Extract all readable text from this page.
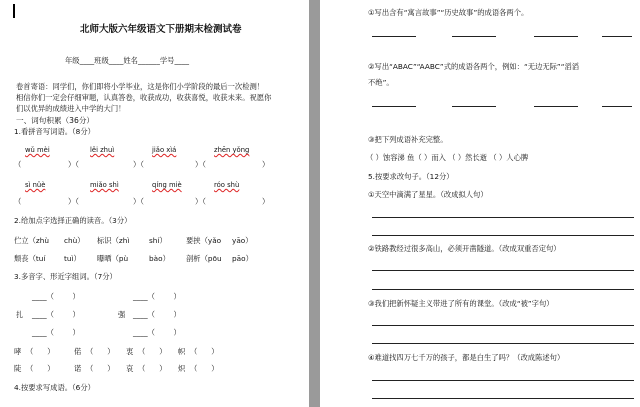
北师大版六年级语文下册期末检测试卷
年级____班级____姓名______学号____
卷首寄语：同学们，你们即将小学毕业，这是你们小学阶段的最后一次检测！
相信你们一定会仔细审题，认真答卷，收获成功，收获喜悦，收获未来。祝愿你
们以优异的成绩进入中学的大门！
一、词句积累（36分）
1.看拼音写词语。（8分）
wǔ mèi	lěi zhuì	jiǎo xìá	zhēn yǒng
（	）（	）（	）（	）
sì nüè	miǎo shì	qíng miè	róo shù
（	）（	）（	）（	）
2.给加点字选择正确的读音。（3分）
伫立（zhù chù） 标识（zhì	shí）	要挟（yǎo yāo）
颓丧（tuí	tuì） 曝晒（pù	bào） 剖析（pōu pāo）
3.多音字、形近字组词。（7分）
____（        ）	____（        ）
扎 ____（        ）	强 ____（        ）
____（        ）	____（        ）
哮 （      ）	偌 （      ） 衷 （      ） 帜 （      ）
陡 （      ）	诺 （      ） 哀 （      ） 炽 （      ）
4.按要求写成语。（6分）
①写出含有“寓言故事”“历史故事”的成语各两个。
②写出“ABAC”“AABC”式的成语各两个，例如：“无边无际”“滔滔
不绝”。
③把下列成语补充完整。
（ ）蚀容涕 鱼（ ）而入 （ ）然长逝 （ ）人心脾
5.按要求改句子。（12分）
①天空中滴满了星星。（改成拟人句）
②铁路教经过很多高山，必须开凿隧道。（改成双重否定句）
③我们把新怀疑主义带进了所有的课堂。（改成“被”字句）
④难道找四万七千万的孩子，都是白生了吗？（改成陈述句）
